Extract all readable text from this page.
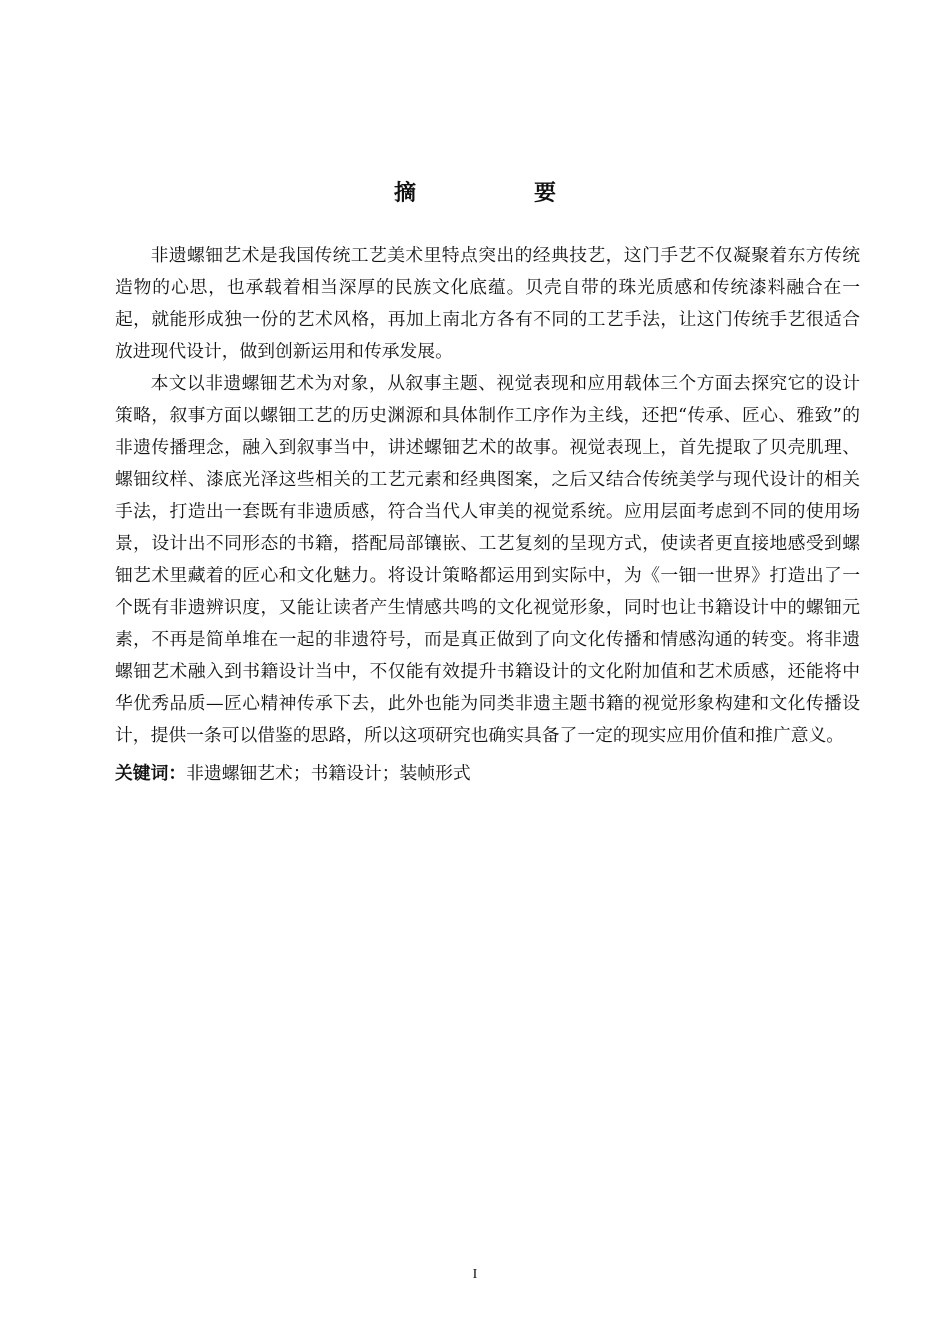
摘　要

非遗螺钿艺术是我国传统工艺美术里特点突出的经典技艺，这门手艺不仅凝聚着东方传统造物的心思，也承载着相当深厚的民族文化底蕴。贝壳自带的珠光质感和传统漆料融合在一起，就能形成独一份的艺术风格，再加上南北方各有不同的工艺手法，让这门传统手艺很适合放进现代设计，做到创新运用和传承发展。

本文以非遗螺钿艺术为对象，从叙事主题、视觉表现和应用载体三个方面去探究它的设计策略，叙事方面以螺钿工艺的历史渊源和具体制作工序作为主线，还把“传承、匠心、雅致”的非遗传播理念，融入到叙事当中，讲述螺钿艺术的故事。视觉表现上，首先提取了贝壳肌理、螺钿纹样、漆底光泽这些相关的工艺元素和经典图案，之后又结合传统美学与现代设计的相关手法，打造出一套既有非遗质感，符合当代人审美的视觉系统。应用层面考虑到不同的使用场景，设计出不同形态的书籍，搭配局部镶嵌、工艺复刻的呈现方式，使读者更直接地感受到螺钿艺术里藏着的匠心和文化魅力。将设计策略都运用到实际中，为《一钿一世界》打造出了一个既有非遗辨识度，又能让读者产生情感共鸣的文化视觉形象，同时也让书籍设计中的螺钿元素，不再是简单堆在一起的非遗符号，而是真正做到了向文化传播和情感沟通的转变。将非遗螺钿艺术融入到书籍设计当中，不仅能有效提升书籍设计的文化附加值和艺术质感，还能将中华优秀品质—匠心精神传承下去，此外也能为同类非遗主题书籍的视觉形象构建和文化传播设计，提供一条可以借鉴的思路，所以这项研究也确实具备了一定的现实应用价值和推广意义。

关键词：非遗螺钿艺术；书籍设计；装帧形式

I
